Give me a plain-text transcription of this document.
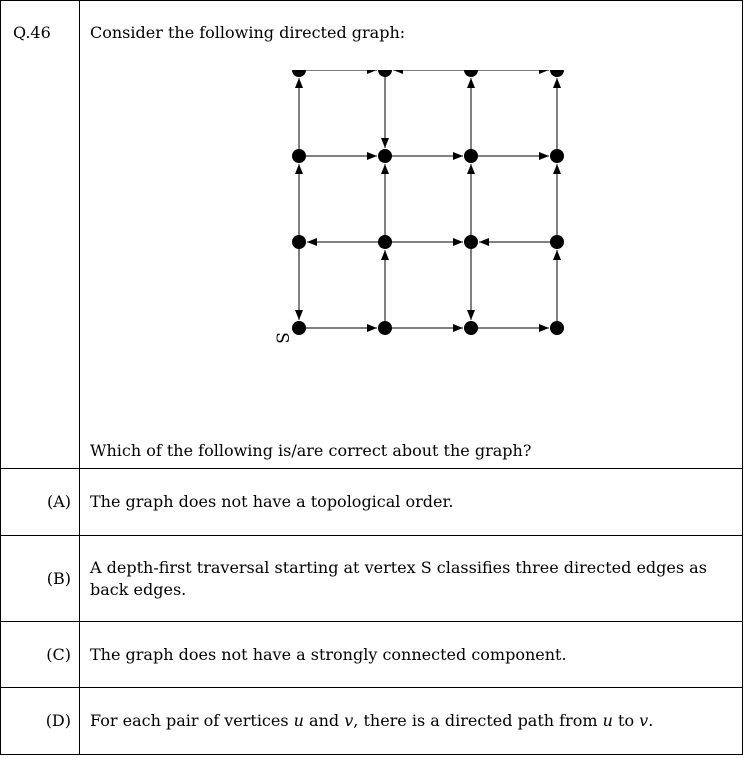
Q.46	Consider the following directed graph:
S
Which of the following is/are correct about the graph?

(A)	The graph does not have a topological order.
(B)	A depth-first traversal starting at vertex S classifies three directed edges as back edges.
(C)	The graph does not have a strongly connected component.
(D)	For each pair of vertices u and v, there is a directed path from u to v.
